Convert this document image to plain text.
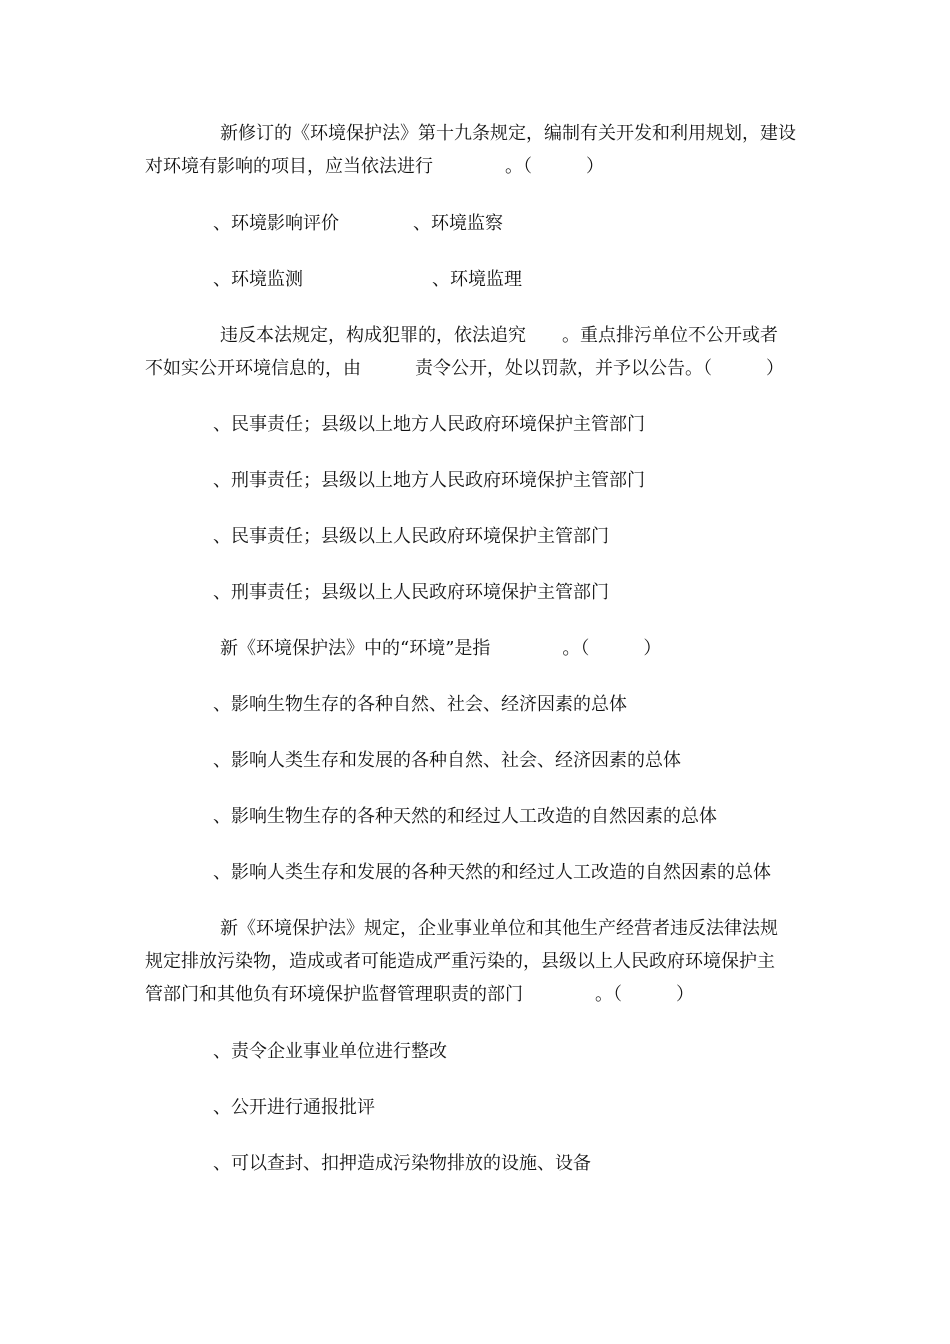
新修订的《环境保护法》第十九条规定，编制有关开发和利用规划，建设
对环境有影响的项目，应当依法进行　　　　。（　　　）
、环境影响评价	、环境监察
、环境监测	、环境监理
违反本法规定，构成犯罪的，依法追究　　。重点排污单位不公开或者
不如实公开环境信息的，由　　　责令公开，处以罚款，并予以公告。（　　　）
、民事责任；县级以上地方人民政府环境保护主管部门
、刑事责任；县级以上地方人民政府环境保护主管部门
、民事责任；县级以上人民政府环境保护主管部门
、刑事责任；县级以上人民政府环境保护主管部门
新《环境保护法》中的“环境”是指　　　　。（　　　）
、影响生物生存的各种自然、社会、经济因素的总体
、影响人类生存和发展的各种自然、社会、经济因素的总体
、影响生物生存的各种天然的和经过人工改造的自然因素的总体
、影响人类生存和发展的各种天然的和经过人工改造的自然因素的总体
新《环境保护法》规定，企业事业单位和其他生产经营者违反法律法规
规定排放污染物，造成或者可能造成严重污染的，县级以上人民政府环境保护主
管部门和其他负有环境保护监督管理职责的部门　　　　。（　　　）
、责令企业事业单位进行整改
、公开进行通报批评
、可以查封、扣押造成污染物排放的设施、设备
